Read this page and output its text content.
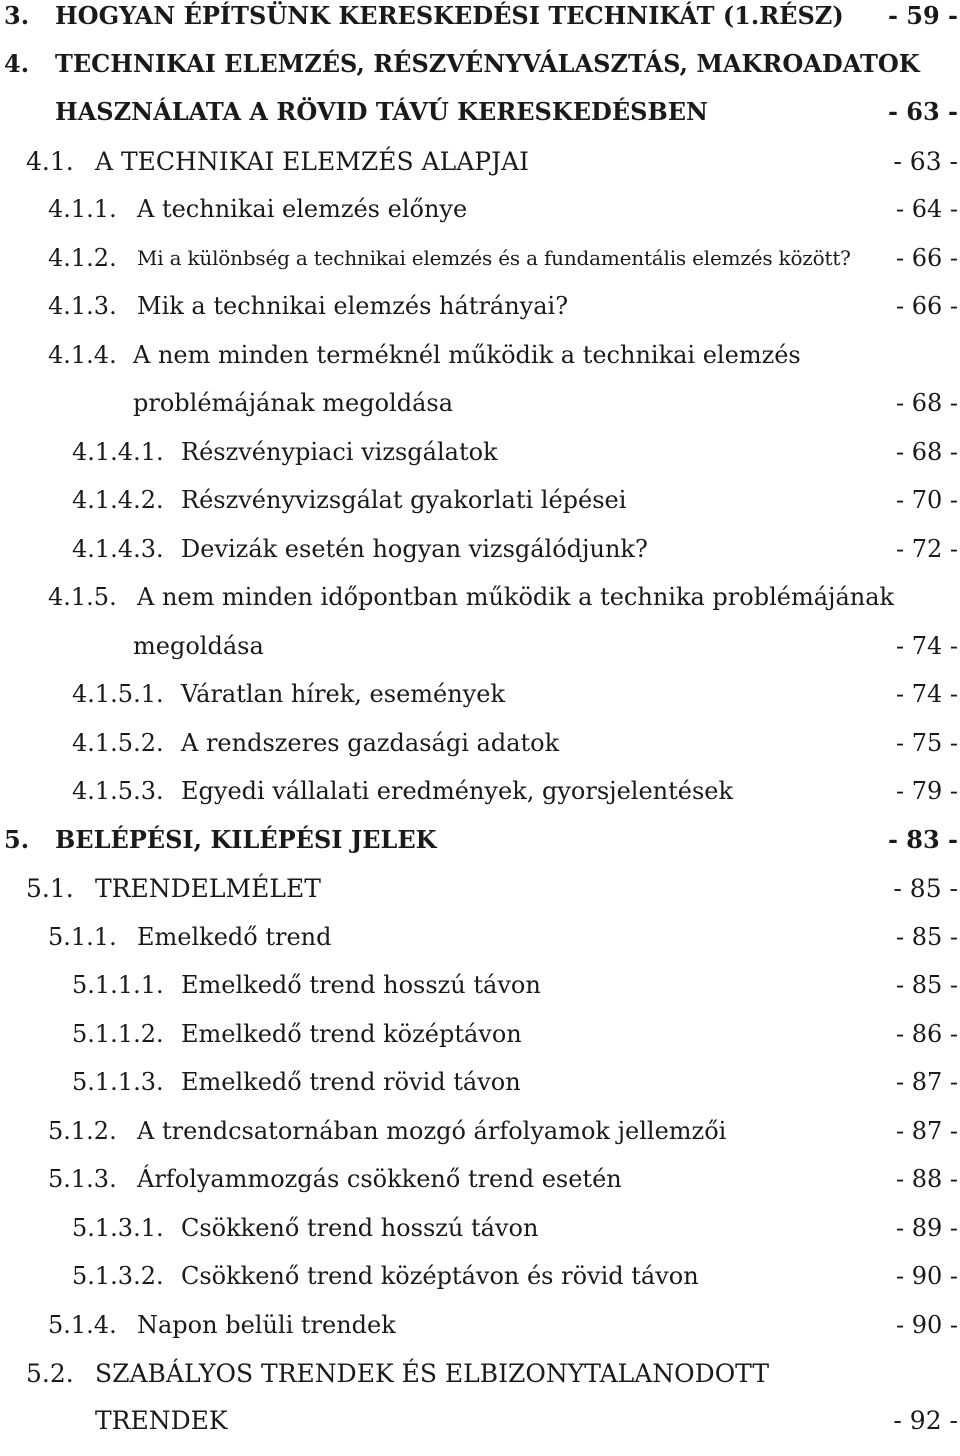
3. HOGYAN ÉPÍTSÜNK KERESKEDÉSI TECHNIKÁT (1.RÉSZ) - 59 -
4. TECHNIKAI ELEMZÉS, RÉSZVÉNYVÁLASZTÁS, MAKROADATOK
HASZNÁLATA A RÖVID TÁVÚ KERESKEDÉSBEN	- 63 -
4.1. A TECHNIKAI ELEMZÉS ALAPJAI	- 63 -
4.1.1. A technikai elemzés előnye	- 64 -
4.1.2. Mi a különbség a technikai elemzés és a fundamentális elemzés között? - 66 -
4.1.3. Mik a technikai elemzés hátrányai?	- 66 -
4.1.4. A nem minden terméknél működik a technikai elemzés
problémájának megoldása	- 68 -
4.1.4.1. Részvénypiaci vizsgálatok	- 68 -
4.1.4.2. Részvényvizsgálat gyakorlati lépései	- 70 -
4.1.4.3. Devizák esetén hogyan vizsgálódjunk?	- 72 -
4.1.5. A nem minden időpontban működik a technika problémájának
megoldása	- 74 -
4.1.5.1. Váratlan hírek, események	- 74 -
4.1.5.2. A rendszeres gazdasági adatok	- 75 -
4.1.5.3. Egyedi vállalati eredmények, gyorsjelentések	- 79 -
5. BELÉPÉSI, KILÉPÉSI JELEK	- 83 -
5.1. TRENDELMÉLET	- 85 -
5.1.1. Emelkedő trend	- 85 -
5.1.1.1. Emelkedő trend hosszú távon	- 85 -
5.1.1.2. Emelkedő trend középtávon	- 86 -
5.1.1.3. Emelkedő trend rövid távon	- 87 -
5.1.2. A trendcsatornában mozgó árfolyamok jellemzői	- 87 -
5.1.3. Árfolyammozgás csökkenő trend esetén	- 88 -
5.1.3.1. Csökkenő trend hosszú távon	- 89 -
5.1.3.2. Csökkenő trend középtávon és rövid távon	- 90 -
5.1.4. Napon belüli trendek	- 90 -
5.2. SZABÁLYOS TRENDEK ÉS ELBIZONYTALANODOTT
TRENDEK	- 92 -
